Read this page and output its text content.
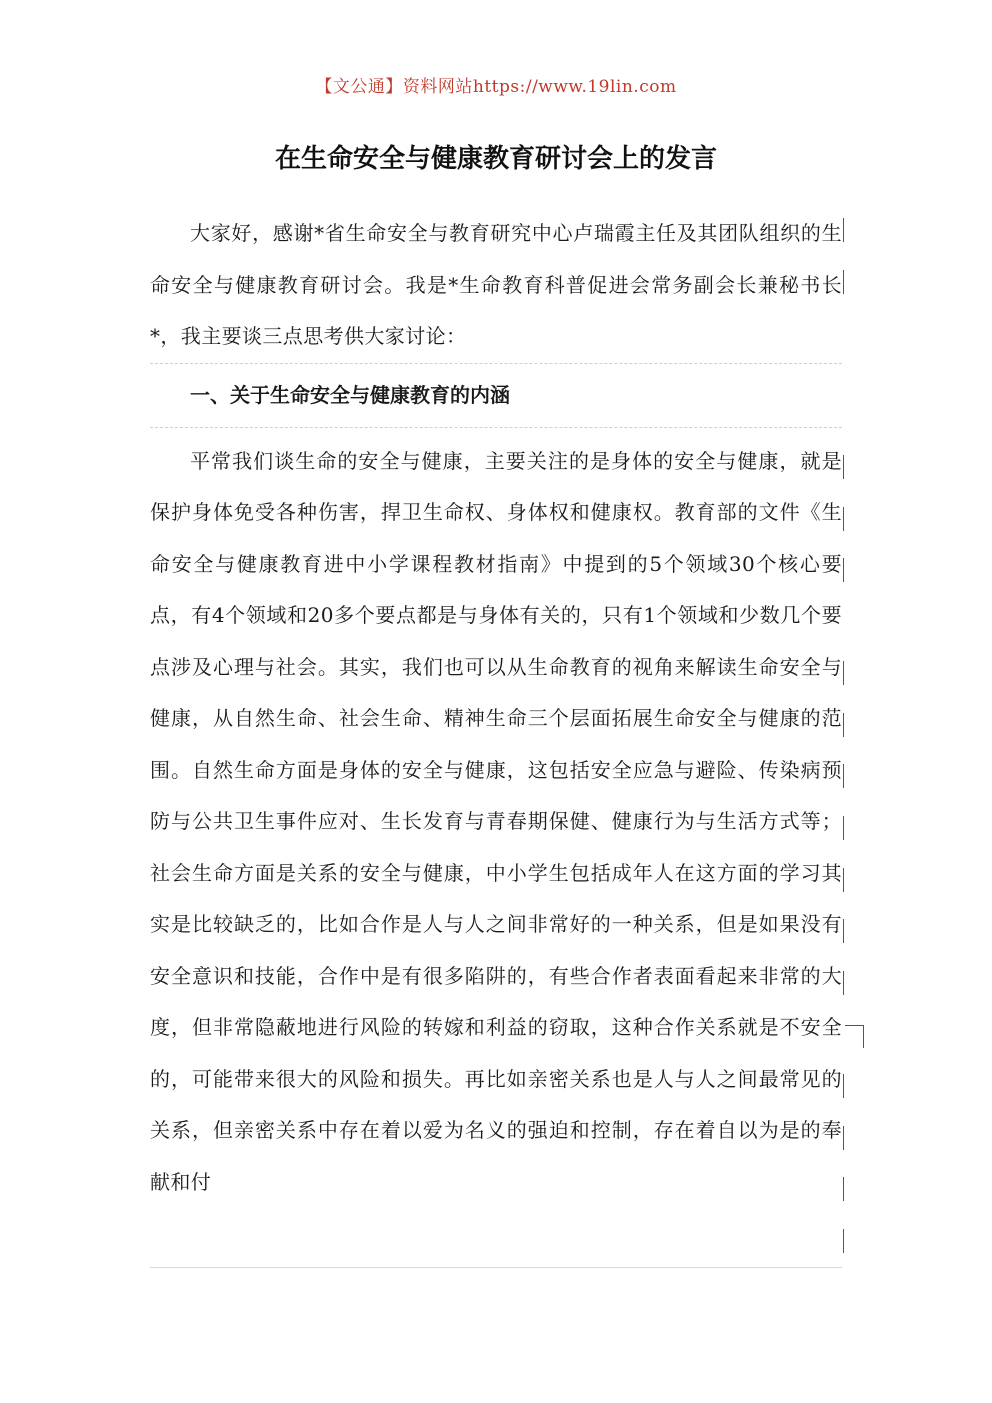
【文公通】资料网站https://www.19lin.com
在生命安全与健康教育研讨会上的发言

大家好，感谢*省生命安全与教育研究中心卢瑞霞主任及其团队组织的生命安全与健康教育研讨会。我是*生命教育科普促进会常务副会长兼秘书长*，我主要谈三点思考供大家讨论：

一、关于生命安全与健康教育的内涵

平常我们谈生命的安全与健康，主要关注的是身体的安全与健康，就是保护身体免受各种伤害，捍卫生命权、身体权和健康权。教育部的文件《生命安全与健康教育进中小学课程教材指南》中提到的5个领域30个核心要点，有4个领域和20多个要点都是与身体有关的，只有1个领域和少数几个要点涉及心理与社会。其实，我们也可以从生命教育的视角来解读生命安全与健康，从自然生命、社会生命、精神生命三个层面拓展生命安全与健康的范围。自然生命方面是身体的安全与健康，这包括安全应急与避险、传染病预防与公共卫生事件应对、生长发育与青春期保健、健康行为与生活方式等；社会生命方面是关系的安全与健康，中小学生包括成年人在这方面的学习其实是比较缺乏的，比如合作是人与人之间非常好的一种关系，但是如果没有安全意识和技能，合作中是有很多陷阱的，有些合作者表面看起来非常的大度，但非常隐蔽地进行风险的转嫁和利益的窃取，这种合作关系就是不安全的，可能带来很大的风险和损失。再比如亲密关系也是人与人之间最常见的关系，但亲密关系中存在着以爱为名义的强迫和控制，存在着自以为是的奉献和付
